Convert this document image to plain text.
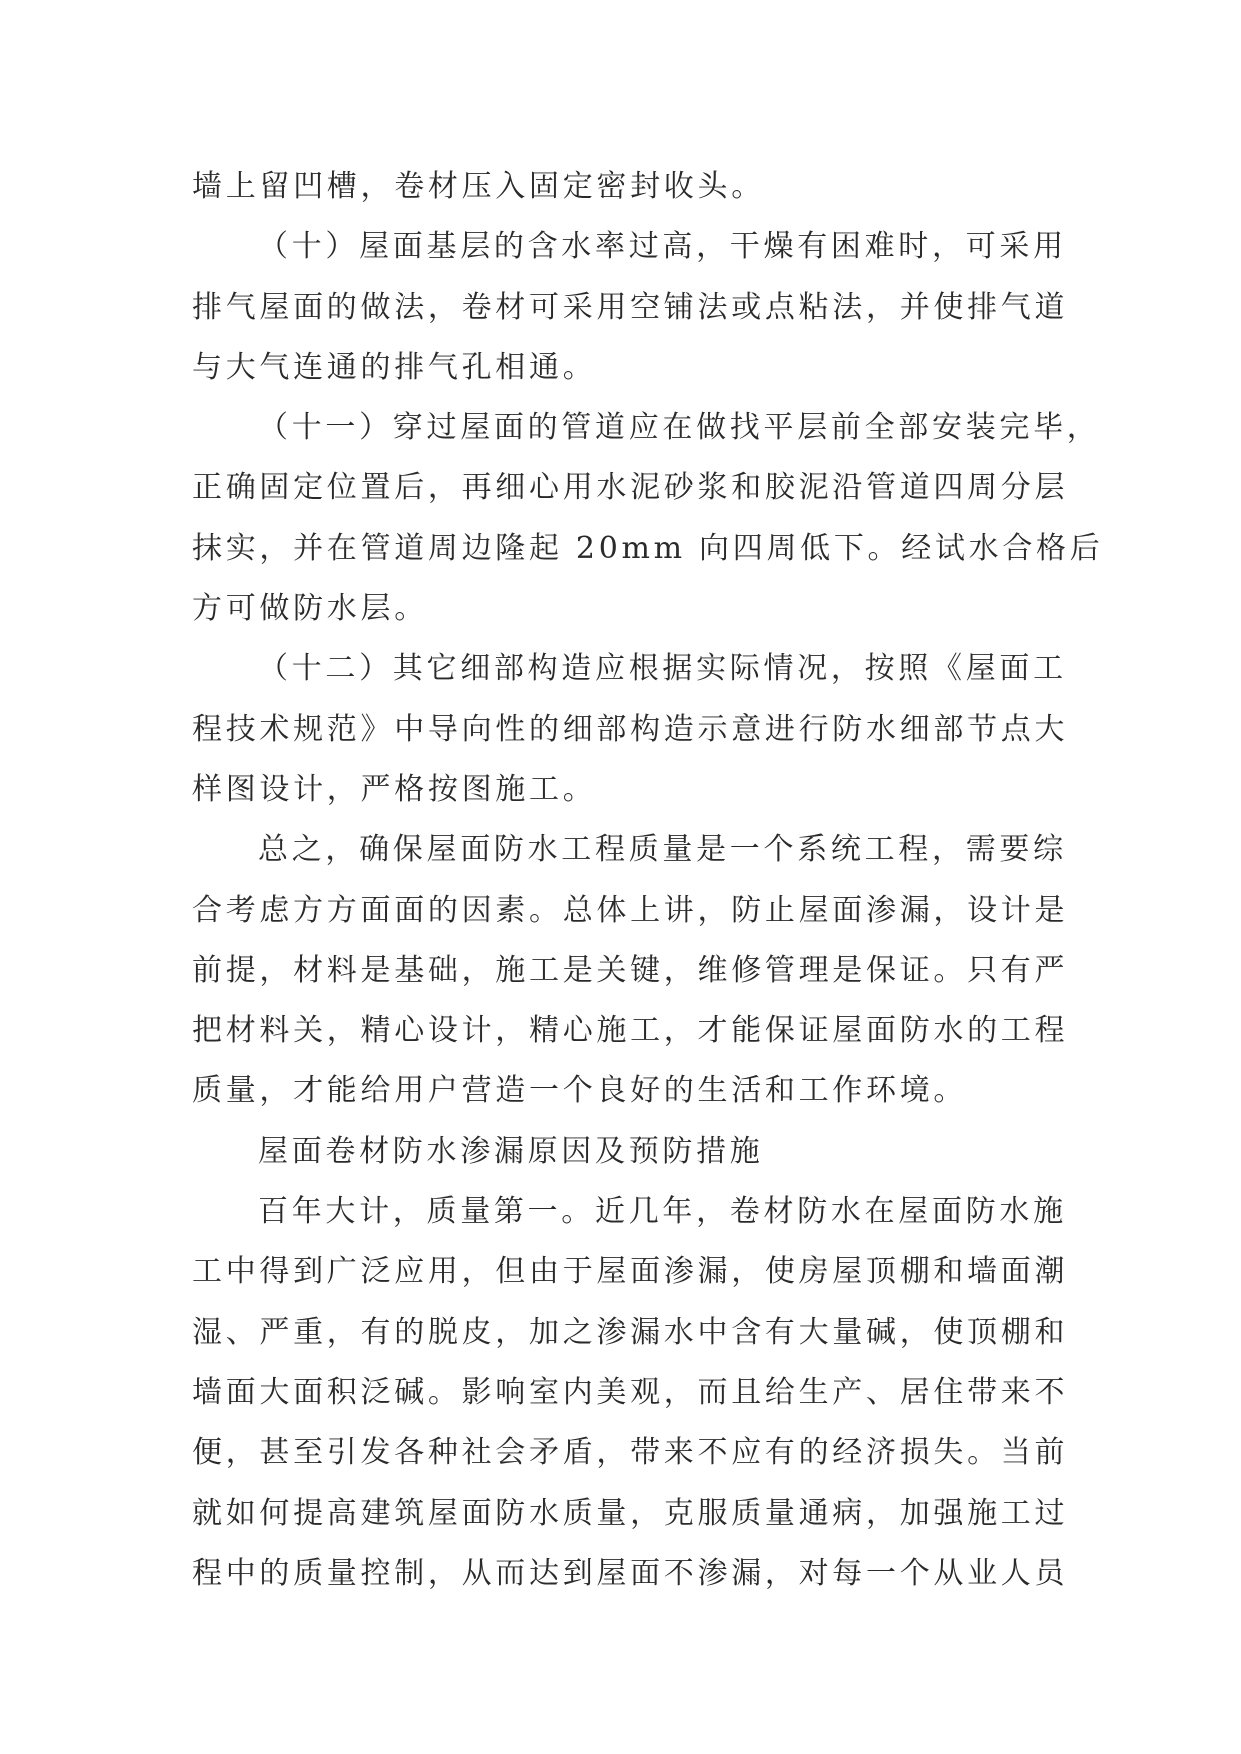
墙上留凹槽，卷材压入固定密封收头。
（十）屋面基层的含水率过高，干燥有困难时，可采用
排气屋面的做法，卷材可采用空铺法或点粘法，并使排气道
与大气连通的排气孔相通。
（十一）穿过屋面的管道应在做找平层前全部安装完毕，
正确固定位置后，再细心用水泥砂浆和胶泥沿管道四周分层
抹实，并在管道周边隆起 20mm 向四周低下。经试水合格后
方可做防水层。
（十二）其它细部构造应根据实际情况，按照《屋面工
程技术规范》中导向性的细部构造示意进行防水细部节点大
样图设计，严格按图施工。
总之，确保屋面防水工程质量是一个系统工程，需要综
合考虑方方面面的因素。总体上讲，防止屋面渗漏，设计是
前提，材料是基础，施工是关键，维修管理是保证。只有严
把材料关，精心设计，精心施工，才能保证屋面防水的工程
质量，才能给用户营造一个良好的生活和工作环境。
屋面卷材防水渗漏原因及预防措施
百年大计，质量第一。近几年，卷材防水在屋面防水施
工中得到广泛应用，但由于屋面渗漏，使房屋顶棚和墙面潮
湿、严重，有的脱皮，加之渗漏水中含有大量碱，使顶棚和
墙面大面积泛碱。影响室内美观，而且给生产、居住带来不
便，甚至引发各种社会矛盾，带来不应有的经济损失。当前
就如何提高建筑屋面防水质量，克服质量通病，加强施工过
程中的质量控制，从而达到屋面不渗漏，对每一个从业人员
